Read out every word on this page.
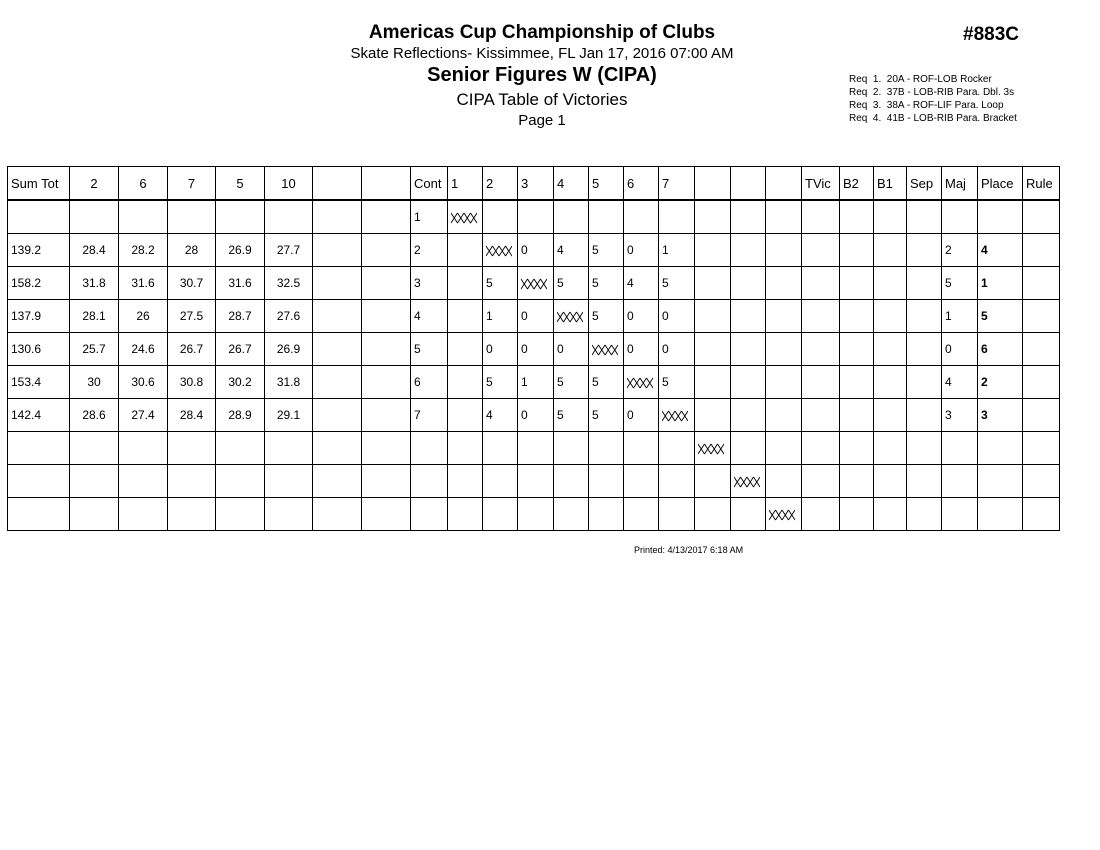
Americas Cup Championship of Clubs
Skate Reflections- Kissimmee, FL Jan 17, 2016 07:00 AM
Senior Figures W (CIPA)
CIPA Table of Victories
Page 1
#883C
Req  1.  20A - ROF-LOB Rocker
Req  2.  37B - LOB-RIB Para. Dbl. 3s
Req  3.  38A - ROF-LIF Para. Loop
Req  4.  41B - LOB-RIB Para. Bracket
Sum Tot	2	6	7	5	10			Cont	1	2	3	4	5	6	7				TVic	B2	B1	Sep	Maj	Place	Rule
								1																	
139.2	28.4	28.2	28	26.9	27.7			2			0	4	5	0	1								2	4	
158.2	31.8	31.6	30.7	31.6	32.5			3		5		5	5	4	5								5	1	
137.9	28.1	26	27.5	28.7	27.6			4		1	0		5	0	0								1	5	
130.6	25.7	24.6	26.7	26.7	26.9			5		0	0	0		0	0								0	6	
153.4	30	30.6	30.8	30.2	31.8			6		5	1	5	5		5								4	2	
142.4	28.6	27.4	28.4	28.9	29.1			7		4	0	5	5	0									3	3	

Printed: 4/13/2017 6:18 AM
